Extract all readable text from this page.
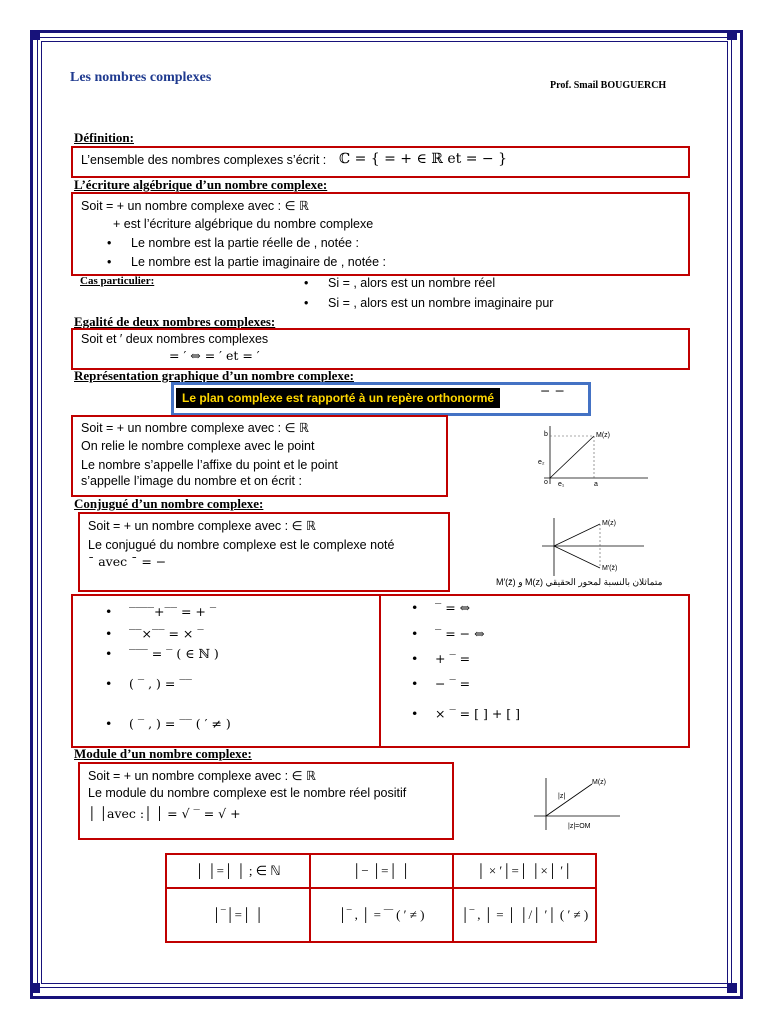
Les nombres complexes
Prof. Smail BOUGUERCH
Définition:
L’ensemble des nombres complexes s’écrit : ℂ = { = + ∈ ℝ et = − }
L’écriture algébrique d’un nombre complexe:
Soit = + un nombre complexe avec : ∈ ℝ
+ est l’écriture algébrique du nombre complexe
• Le nombre est la partie réelle de , notée :
• Le nombre est la partie imaginaire de , notée :
Cas particulier:	• Si = , alors est un nombre réel
• Si = , alors est un nombre imaginaire pur
Egalité de deux nombres complexes:
Soit et ′ deux nombres complexes
= ′ ⇔ = ′ et = ′
Représentation graphique d’un nombre complexe:
Le plan complexe est rapporté à un repère orthonormé	− −
Soit = + un nombre complexe avec : ∈ ℝ
On relie le nombre complexe avec le point
Le nombre s’appelle l’affixe du point et le point
s’appelle l’image du nombre et on écrit :
b
a
o
M(z)
e₁
e₂
Conjugué d’un nombre complexe:
Soit = + un nombre complexe avec : ∈ ℝ
Le conjugué du nombre complexe est le complexe noté
¯ avec ¯ = −
M(z)
M′(z̄)
M′(z̄) و M(z) متماثلان بالنسبة لمحور الحقيقي
• ‾‾‾‾+‾‾ = + ‾
• ‾‾×‾‾ = × ‾
• ‾‾‾ = ‾ ( ∈ ℕ )
• ( ‾ , ) = ‾‾
• ( ‾ , ) = ‾‾ ( ′ ≠ )
• ‾ = ⇔
• ‾ = − ⇔
• + ‾ =
• − ‾ =
• × ‾ = [ ] + [ ]
Module d’un nombre complexe:
Soit = + un nombre complexe avec : ∈ ℝ
Le module du nombre complexe est le nombre réel positif
│ │avec :│ │ = √ ‾ = √ +
M(z)
|z|
|z|=OM
│ │=│ │ ; ∈ ℕ	│− │=│ │	│ × ′│=│ │×│ ′│
│‾│=│ │	│‾ , │ = ‾‾ ( ′ ≠ )	│‾ , │ = │ │/│ ′│ ( ′ ≠ )
